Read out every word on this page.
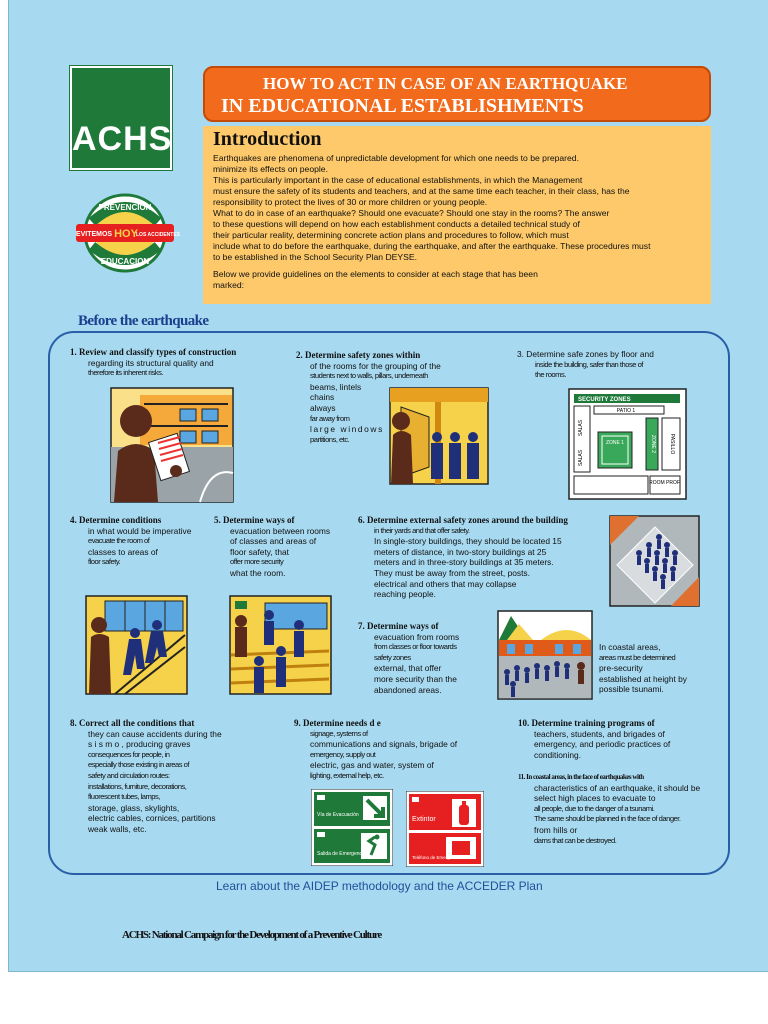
ACHS
PREVENCION
EVITEMOS HOY
LOS ACCIDENTES
EDUCACION
HOW TO ACT IN CASE OF AN EARTHQUAKE
IN EDUCATIONAL ESTABLISHMENTS
Introduction

Earthquakes are phenomena of unpredictable development for which one needs to be prepared.

minimize its effects on people.

This is particularly important in the case of educational establishments, in which the Management

must ensure the safety of its students and teachers, and at the same time each teacher, in their class, has the

responsibility to protect the lives of 30 or more children or young people.

What to do in case of an earthquake? Should one evacuate? Should one stay in the rooms? The answer

to these questions will depend on how each establishment conducts a detailed technical study of

their particular reality, determining concrete action plans and procedures to follow, which must

include what to do before the earthquake, during the earthquake, and after the earthquake. These procedures must

to be established in the School Security Plan DEYSE.

Below we provide guidelines on the elements to consider at each stage that has been

marked:

Before the earthquake
1. Review and classify types of construction
regarding its structural quality and
therefore its inherent risks.
2. Determine safety zones within
of the rooms for the grouping of the
students next to walls, pillars, underneath
beams, lintels
chains
always
far away from
large windows
partitions, etc.
3. Determine safe zones by floor and
inside the building, safer than those of
the rooms.
SECURITY ZONES
SALAS
SALAS
PATIO 1
ZONE 1	ZONE 2	PASILLO
ROOM PROF.
4. Determine conditions
in what would be imperative
evacuate the room of
classes to areas of
floor safety.
5. Determine ways of
evacuation between rooms
of classes and areas of
floor safety, that
offer more security
what the room.
6. Determine external safety zones around the building
in their yards and that offer safety.
In single-story buildings, they should be located 15
meters of distance, in two-story buildings at 25
meters and in three-story buildings at 35 meters.
They must be away from the street, posts.
electrical and others that may collapse
reaching people.
7. Determine ways of
evacuation from rooms
from classes or floor towards
safety zones
external, that offer
more security than the
abandoned areas.
In coastal areas,
areas must be determined
pre-security
established at height by
possible tsunami.
8. Correct all the conditions that
they can cause accidents during the
s i s m o , producing graves
consequences for people, in
especially those existing in areas of
safety and circulation routes:
installations, furniture, decorations,
fluorescent tubes, lamps,
storage, glass, skylights,
electric cables, cornices, partitions
weak walls, etc.
9. Determine needs d e
signage, systems of
communications and signals, brigade of
emergency, supply out
electric, gas and water, system of
lighting, external help, etc.
Vía de Evacuación
Salida de Emergencia
Extintor
Teléfono de Emergencia
10. Determine training programs of
teachers, students, and brigades of
emergency, and periodic practices of
conditioning.
11. In coastal areas, in the face of earthquakes with
characteristics of an earthquake, it should be
select high places to evacuate to
all people, due to the danger of a tsunami.
The same should be planned in the face of danger.
from hills or
dams that can be destroyed.
Learn about the AIDEP methodology and the ACCEDER Plan
ACHS: National Campaign for the Development of a Preventive Culture
